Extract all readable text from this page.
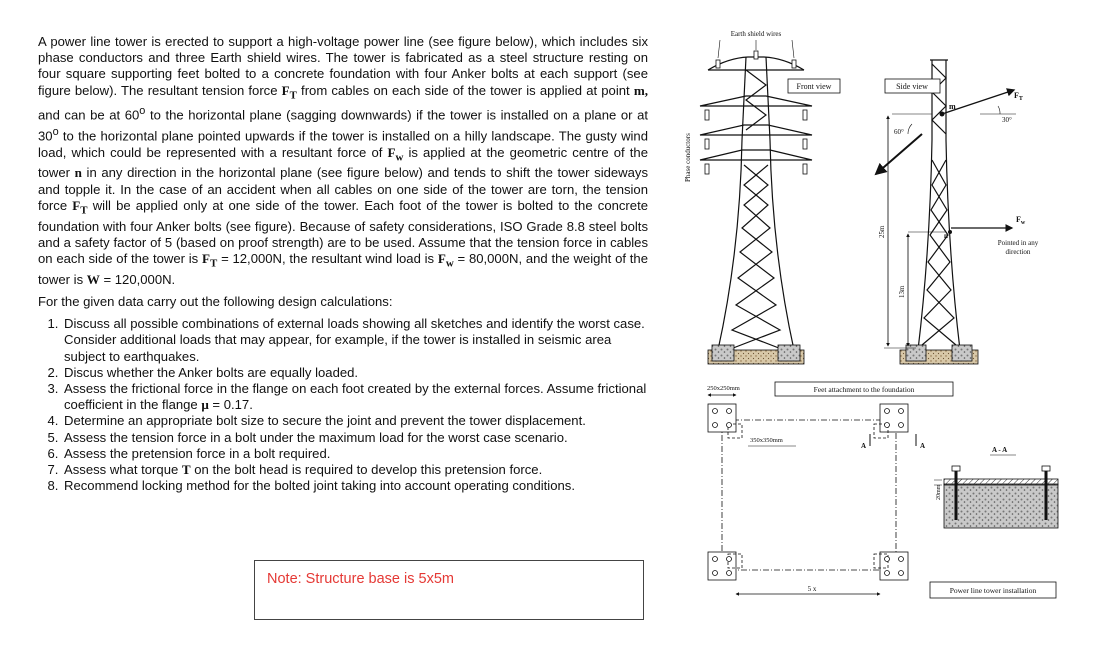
A power line tower is erected to support a high-voltage power line (see figure below), which includes six phase conductors and three Earth shield wires. The tower is fabricated as a steel structure resting on four square supporting feet bolted to a concrete foundation with four Anker bolts at each support (see figure below). The resultant tension force $F_T$ from cables on each side of the tower is applied at point m, and can be at 60$^o$ to the horizontal plane (sagging downwards) if the tower is installed on a plane or at 30$^o$ to the horizontal plane pointed upwards if the tower is installed on a hilly landscape. The gusty wind load, which could be represented with a resultant force of $F_w$ is applied at the geometric centre of the tower n in any direction in the horizontal plane (see figure below) and tends to shift the tower sideways and topple it. In the case of an accident when all cables on one side of the tower are torn, the tension force $F_T$ will be applied only at one side of the tower. Each foot of the tower is bolted to the concrete foundation with four Anker bolts (see figure). Because of safety considerations, ISO Grade 8.8 steel bolts and a safety factor of 5 (based on proof strength) are to be used. Assume that the tension force in cables on each side of the tower is $F_T = 12,000N$, the resultant wind load is $F_w = 80,000N$, and the weight of the tower is W = 120,000N.

For the given data carry out the following design calculations:

1. Discuss all possible combinations of external loads showing all sketches and identify the worst case. Consider additional loads that may appear, for example, if the tower is installed in seismic area subject to earthquakes.
2. Discus whether the Anker bolts are equally loaded.
3. Assess the frictional force in the flange on each foot created by the external forces. Assume frictional coefficient in the flange μ = 0.17.
4. Determine an appropriate bolt size to secure the joint and prevent the tower displacement.
5. Assess the tension force in a bolt under the maximum load for the worst case scenario.
6. Assess the pretension force in a bolt required.
7. Assess what torque T on the bolt head is required to develop this pretension force.
8. Recommend locking method for the bolted joint taking into account operating conditions.
Note: Structure base is 5x5m
Earth shield wires
Phase conductors
Front view	Side view
m
30°
$F_T$
60°
n
$F_w$
Pointed in any
direction
25m
13m
250x250mm	Feet attachment to the foundation
350x350mm
A	A
5 x
A - A
20mm
Power line tower installation
